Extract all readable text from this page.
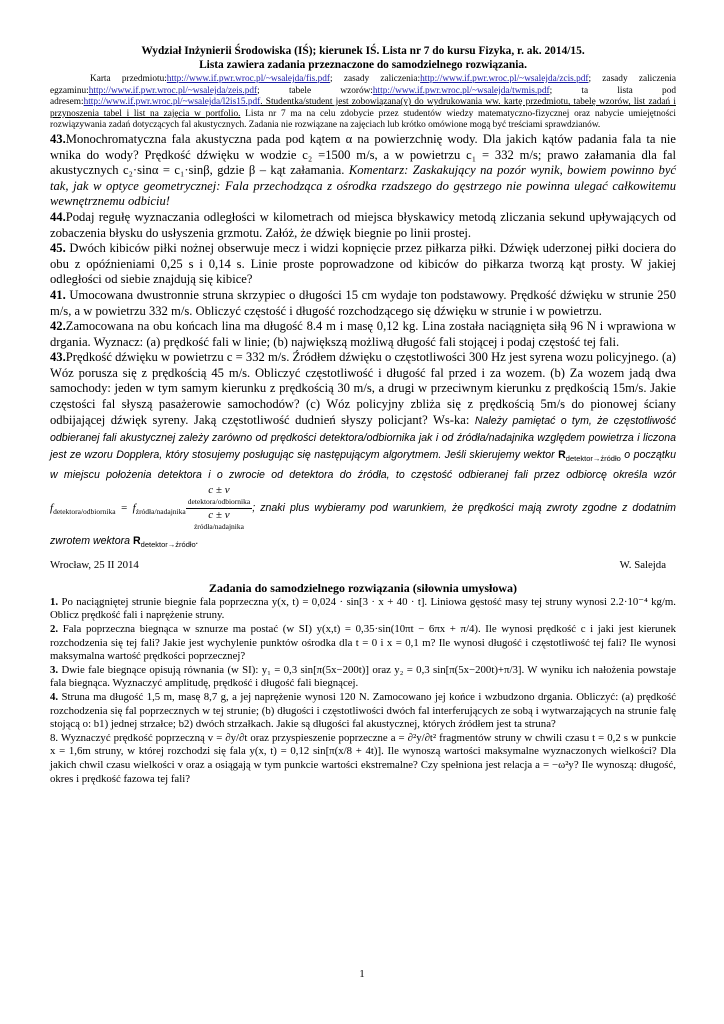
Wydział Inżynierii Środowiska (IŚ); kierunek IŚ. Lista nr 7 do kursu Fizyka, r. ak. 2014/15.
Lista zawiera zadania przeznaczone do samodzielnego rozwiązania.
Karta przedmiotu:http://www.if.pwr.wroc.pl/~wsalejda/fis.pdf; zasady zaliczenia:http://www.if.pwr.wroc.pl/~wsalejda/zcis.pdf; zasady zaliczenia egzaminu:http://www.if.pwr.wroc.pl/~wsalejda/zeis.pdf; tabele wzorów:http://www.if.pwr.wroc.pl/~wsalejda/twmis.pdf; ta lista pod adresem:http://www.if.pwr.wroc.pl/~wsalejda/l2is15.pdf. Studentka/student jest zobowiązana(y) do wydrukowania ww. kartę przedmiotu, tabelę wzorów, list zadań i przynoszenia tabel i list na zajęcia w portfolio. Lista nr 7 ma na celu zdobycie przez studentów wiedzy matematyczno-fizycznej oraz nabycie umiejętności rozwiązywania zadań dotyczących fal akustycznych. Zadania nie rozwiązane na zajęciach lub krótko omówione mogą być treściami sprawdzianów.

43.Monochromatyczna fala akustyczna pada pod kątem α na powierzchnię wody. Dla jakich kątów padania fala ta nie wnika do wody? Prędkość dźwięku w wodzie c₂ =1500 m/s, a w powietrzu c₁ = 332 m/s; prawo załamania dla fal akustycznych c₂·sinα = c₁·sinβ, gdzie β – kąt załamania. Komentarz: Zaskakujący na pozór wynik, bowiem powinno być tak, jak w optyce geometrycznej: Fala przechodząca z ośrodka rzadszego do gęstrzego nie powinna ulegać całkowitemu wewnętrznemu odbiciu!

44.Podaj regułę wyznaczania odległości w kilometrach od miejsca błyskawicy metodą zliczania sekund upływających od zobaczenia błysku do usłyszenia grzmotu. Załóż, że dźwięk biegnie po linii prostej.

45. Dwóch kibiców piłki nożnej obserwuje mecz i widzi kopnięcie przez piłkarza piłki. Dźwięk uderzonej piłki dociera do obu z opóźnieniami 0,25 s i 0,14 s. Linie proste poprowadzone od kibiców do piłkarza tworzą kąt prosty. W jakiej odległości od siebie znajdują się kibice?

41. Umocowana dwustronnie struna skrzypiec o długości 15 cm wydaje ton podstawowy. Prędkość dźwięku w strunie 250 m/s, a w powietrzu 332 m/s. Obliczyć częstość i długość rozchodzącego się dźwięku w strunie i w powietrzu.

42.Zamocowana na obu końcach lina ma długość 8.4 m i masę 0,12 kg. Lina została naciągnięta siłą 96 N i wprawiona w drgania. Wyznacz: (a) prędkość fali w linie; (b) największą możliwą długość fali stojącej i podaj częstość tej fali.

43.Prędkość dźwięku w powietrzu c = 332 m/s. Źródłem dźwięku o częstotliwości 300 Hz jest syrena wozu policyjnego. (a) Wóz porusza się z prędkością 45 m/s. Obliczyć częstotliwość i długość fal przed i za wozem. (b) Za wozem jadą dwa samochody: jeden w tym samym kierunku z prędkością 30 m/s, a drugi w przeciwnym kierunku z prędkością 15m/s. Jakie częstości fal słyszą pasażerowie samochodów? (c) Wóz policyjny zbliża się z prędkością 5m/s do pionowej ściany odbijającej dźwięk syreny. Jaką częstotliwość dudnień słyszy policjant? Ws-ka: Należy pamiętać o tym, że częstotliwość odbieranej fali akustycznej zależy zarówno od prędkości detektora/odbiornika jak i od źródła/nadajnika względem powietrza i liczona jest ze wzoru Dopplera, który stosujemy posługując się następującym algorytmem. Jeśli skierujemy wektor $R_{detektor\to źródło}$ o początku w miejscu położenia detektora i o zwrocie od detektora do źródła, to częstość odbieranej fali przez odbiorcę określa wzór $f_{detektora/odbiornika} = f_{źródła/nadajnika}$ c ± v
detektora/odbiornika
c ± v
źródła/nadajnika ; znaki plus wybieramy pod warunkiem, że prędkości mają zwroty zgodne z dodatnim zwrotem wektora $R_{detektor\to źródło}$.

Wrocław, 25 II 2014	W. Salejda
Zadania do samodzielnego rozwiązania (siłownia umysłowa)

1. Po naciągniętej strunie biegnie fala poprzeczna y(x, t) = 0,024 · sin[3 · x + 40 · t]. Liniowa gęstość masy tej struny wynosi 2.2·10⁻⁴ kg/m. Oblicz prędkość fali i naprężenie struny.

2. Fala poprzeczna biegnąca w sznurze ma postać (w SI) y(x,t) = 0,35·sin(10πt − 6πx + π/4). Ile wynosi prędkość c i jaki jest kierunek rozchodzenia się tej fali? Jakie jest wychylenie punktów ośrodka dla t = 0 i x = 0,1 m? Ile wynosi długość i częstotliwość tej fali? Ile wynosi maksymalna wartość prędkości poprzecznej?

3. Dwie fale biegnące opisują równania (w SI): y₁ = 0,3 sin[π(5x−200t)] oraz y₂ = 0,3 sin[π(5x−200t)+π/3]. W wyniku ich nałożenia powstaje fala biegnąca. Wyznaczyć amplitudę, prędkość i długość fali biegnącej.

4. Struna ma długość 1,5 m, masę 8,7 g, a jej naprężenie wynosi 120 N. Zamocowano jej końce i wzbudzono drgania. Obliczyć: (a) prędkość rozchodzenia się fal poprzecznych w tej strunie; (b) długości i częstotliwości dwóch fal interferujących ze sobą i wytwarzających na strunie falę stojącą o: b1) jednej strzałce; b2) dwóch strzałkach. Jakie są długości fal akustycznej, których źródłem jest ta struna?

8. Wyznaczyć prędkość poprzeczną v = ∂y/∂t oraz przyspieszenie poprzeczne a = ∂²y/∂t² fragmentów struny w chwili czasu t = 0,2 s w punkcie x = 1,6m struny, w której rozchodzi się fala y(x, t) = 0,12 sin[π(x/8 + 4t)]. Ile wynoszą wartości maksymalne wyznaczonych wielkości? Dla jakich chwil czasu wielkości v oraz a osiągają w tym punkcie wartości ekstremalne? Czy spełniona jest relacja a = −ω²y? Ile wynoszą: długość, okres i prędkość fazowa tej fali?

1
